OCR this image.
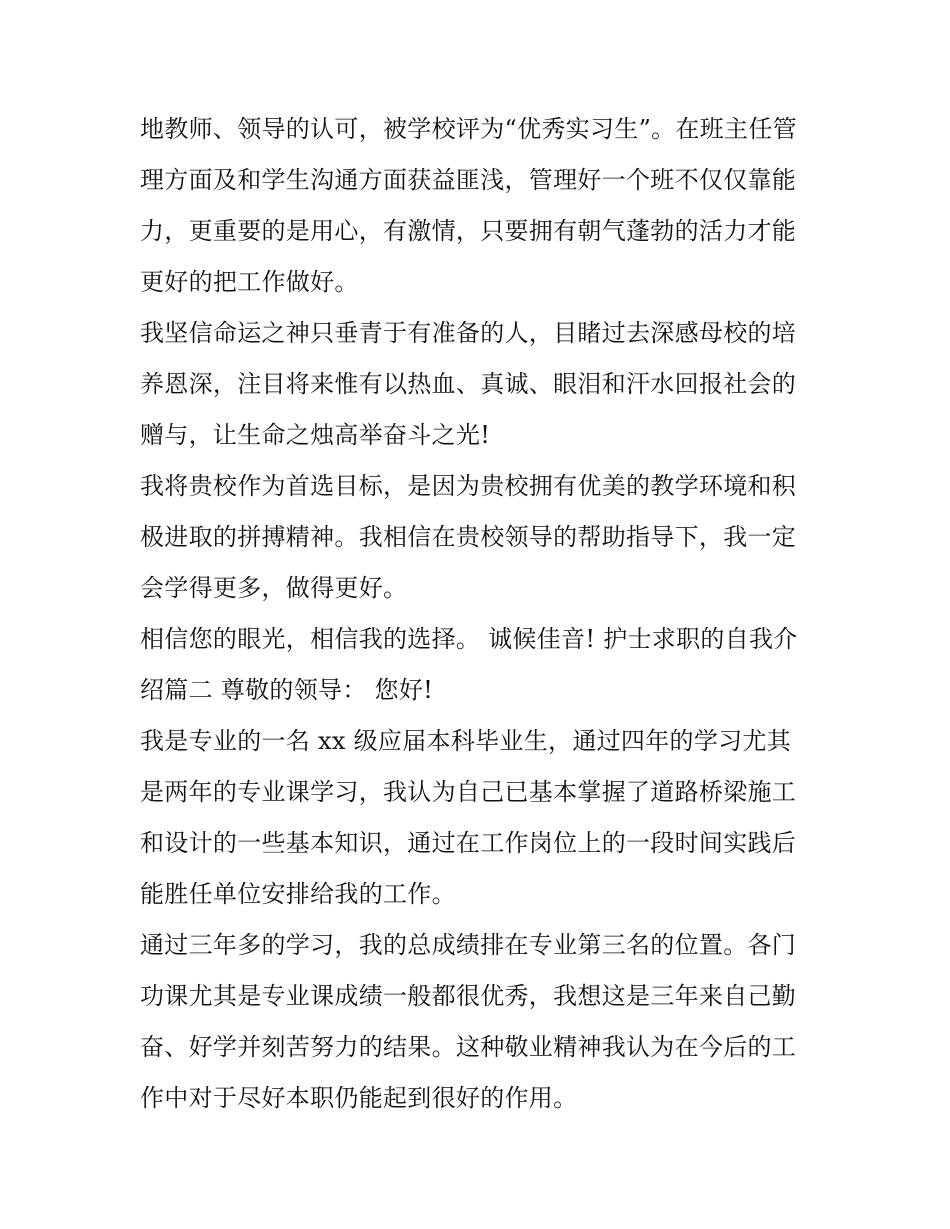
地教师、领导的认可，被学校评为“优秀实习生”。在班主任管
理方面及和学生沟通方面获益匪浅，管理好一个班不仅仅靠能
力，更重要的是用心，有激情，只要拥有朝气蓬勃的活力才能
更好的把工作做好。
我坚信命运之神只垂青于有准备的人，目睹过去深感母校的培
养恩深，注目将来惟有以热血、真诚、眼泪和汗水回报社会的
赠与，让生命之烛高举奋斗之光!
我将贵校作为首选目标，是因为贵校拥有优美的教学环境和积
极进取的拼搏精神。我相信在贵校领导的帮助指导下，我一定
会学得更多，做得更好。
相信您的眼光，相信我的选择。 诚候佳音! 护士求职的自我介
绍篇二 尊敬的领导： 您好!
我是专业的一名 xx 级应届本科毕业生，通过四年的学习尤其
是两年的专业课学习，我认为自己已基本掌握了道路桥梁施工
和设计的一些基本知识，通过在工作岗位上的一段时间实践后
能胜任单位安排给我的工作。
通过三年多的学习，我的总成绩排在专业第三名的位置。各门
功课尤其是专业课成绩一般都很优秀，我想这是三年来自己勤
奋、好学并刻苦努力的结果。这种敬业精神我认为在今后的工
作中对于尽好本职仍能起到很好的作用。
